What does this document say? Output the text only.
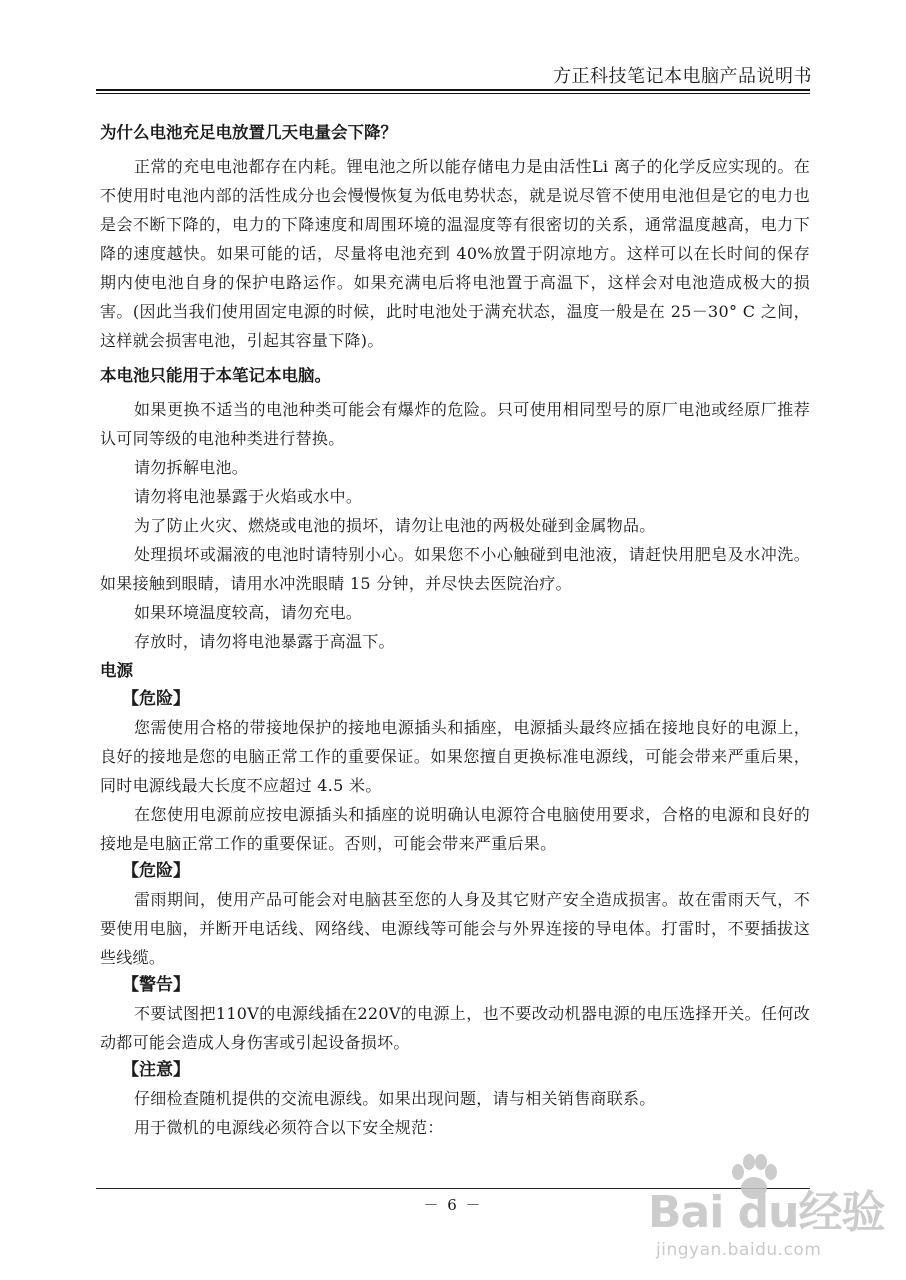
方正科技笔记本电脑产品说明书

为什么电池充足电放置几天电量会下降？

正常的充电电池都存在内耗。锂电池之所以能存储电力是由活性Li 离子的化学反应实现的。在不使用时电池内部的活性成分也会慢慢恢复为低电势状态，就是说尽管不使用电池但是它的电力也是会不断下降的，电力的下降速度和周围环境的温湿度等有很密切的关系，通常温度越高，电力下降的速度越快。如果可能的话，尽量将电池充到 40%放置于阴凉地方。这样可以在长时间的保存期内使电池自身的保护电路运作。如果充满电后将电池置于高温下，这样会对电池造成极大的损害。(因此当我们使用固定电源的时候，此时电池处于满充状态，温度一般是在 25－30° C 之间，这样就会损害电池，引起其容量下降)。

本电池只能用于本笔记本电脑。

如果更换不适当的电池种类可能会有爆炸的危险。只可使用相同型号的原厂电池或经原厂推荐认可同等级的电池种类进行替换。

请勿拆解电池。

请勿将电池暴露于火焰或水中。

为了防止火灾、燃烧或电池的损坏，请勿让电池的两极处碰到金属物品。

处理损坏或漏液的电池时请特别小心。如果您不小心触碰到电池液，请赶快用肥皂及水冲洗。如果接触到眼睛，请用水冲洗眼睛 15 分钟，并尽快去医院治疗。

如果环境温度较高，请勿充电。

存放时，请勿将电池暴露于高温下。

电源

【危险】

您需使用合格的带接地保护的接地电源插头和插座，电源插头最终应插在接地良好的电源上，良好的接地是您的电脑正常工作的重要保证。如果您擅自更换标准电源线，可能会带来严重后果，同时电源线最大长度不应超过 4.5 米。

在您使用电源前应按电源插头和插座的说明确认电源符合电脑使用要求，合格的电源和良好的接地是电脑正常工作的重要保证。否则，可能会带来严重后果。

【危险】

雷雨期间，使用产品可能会对电脑甚至您的人身及其它财产安全造成损害。故在雷雨天气，不要使用电脑，并断开电话线、网络线、电源线等可能会与外界连接的导电体。打雷时，不要插拔这些线缆。

【警告】

不要试图把110V的电源线插在220V的电源上，也不要改动机器电源的电压选择开关。任何改动都可能会造成人身伤害或引起设备损坏。

【注意】

仔细检查随机提供的交流电源线。如果出现问题，请与相关销售商联系。

用于微机的电源线必须符合以下安全规范：

－ 6 －	Bai du经验
jingyan.baidu.com
